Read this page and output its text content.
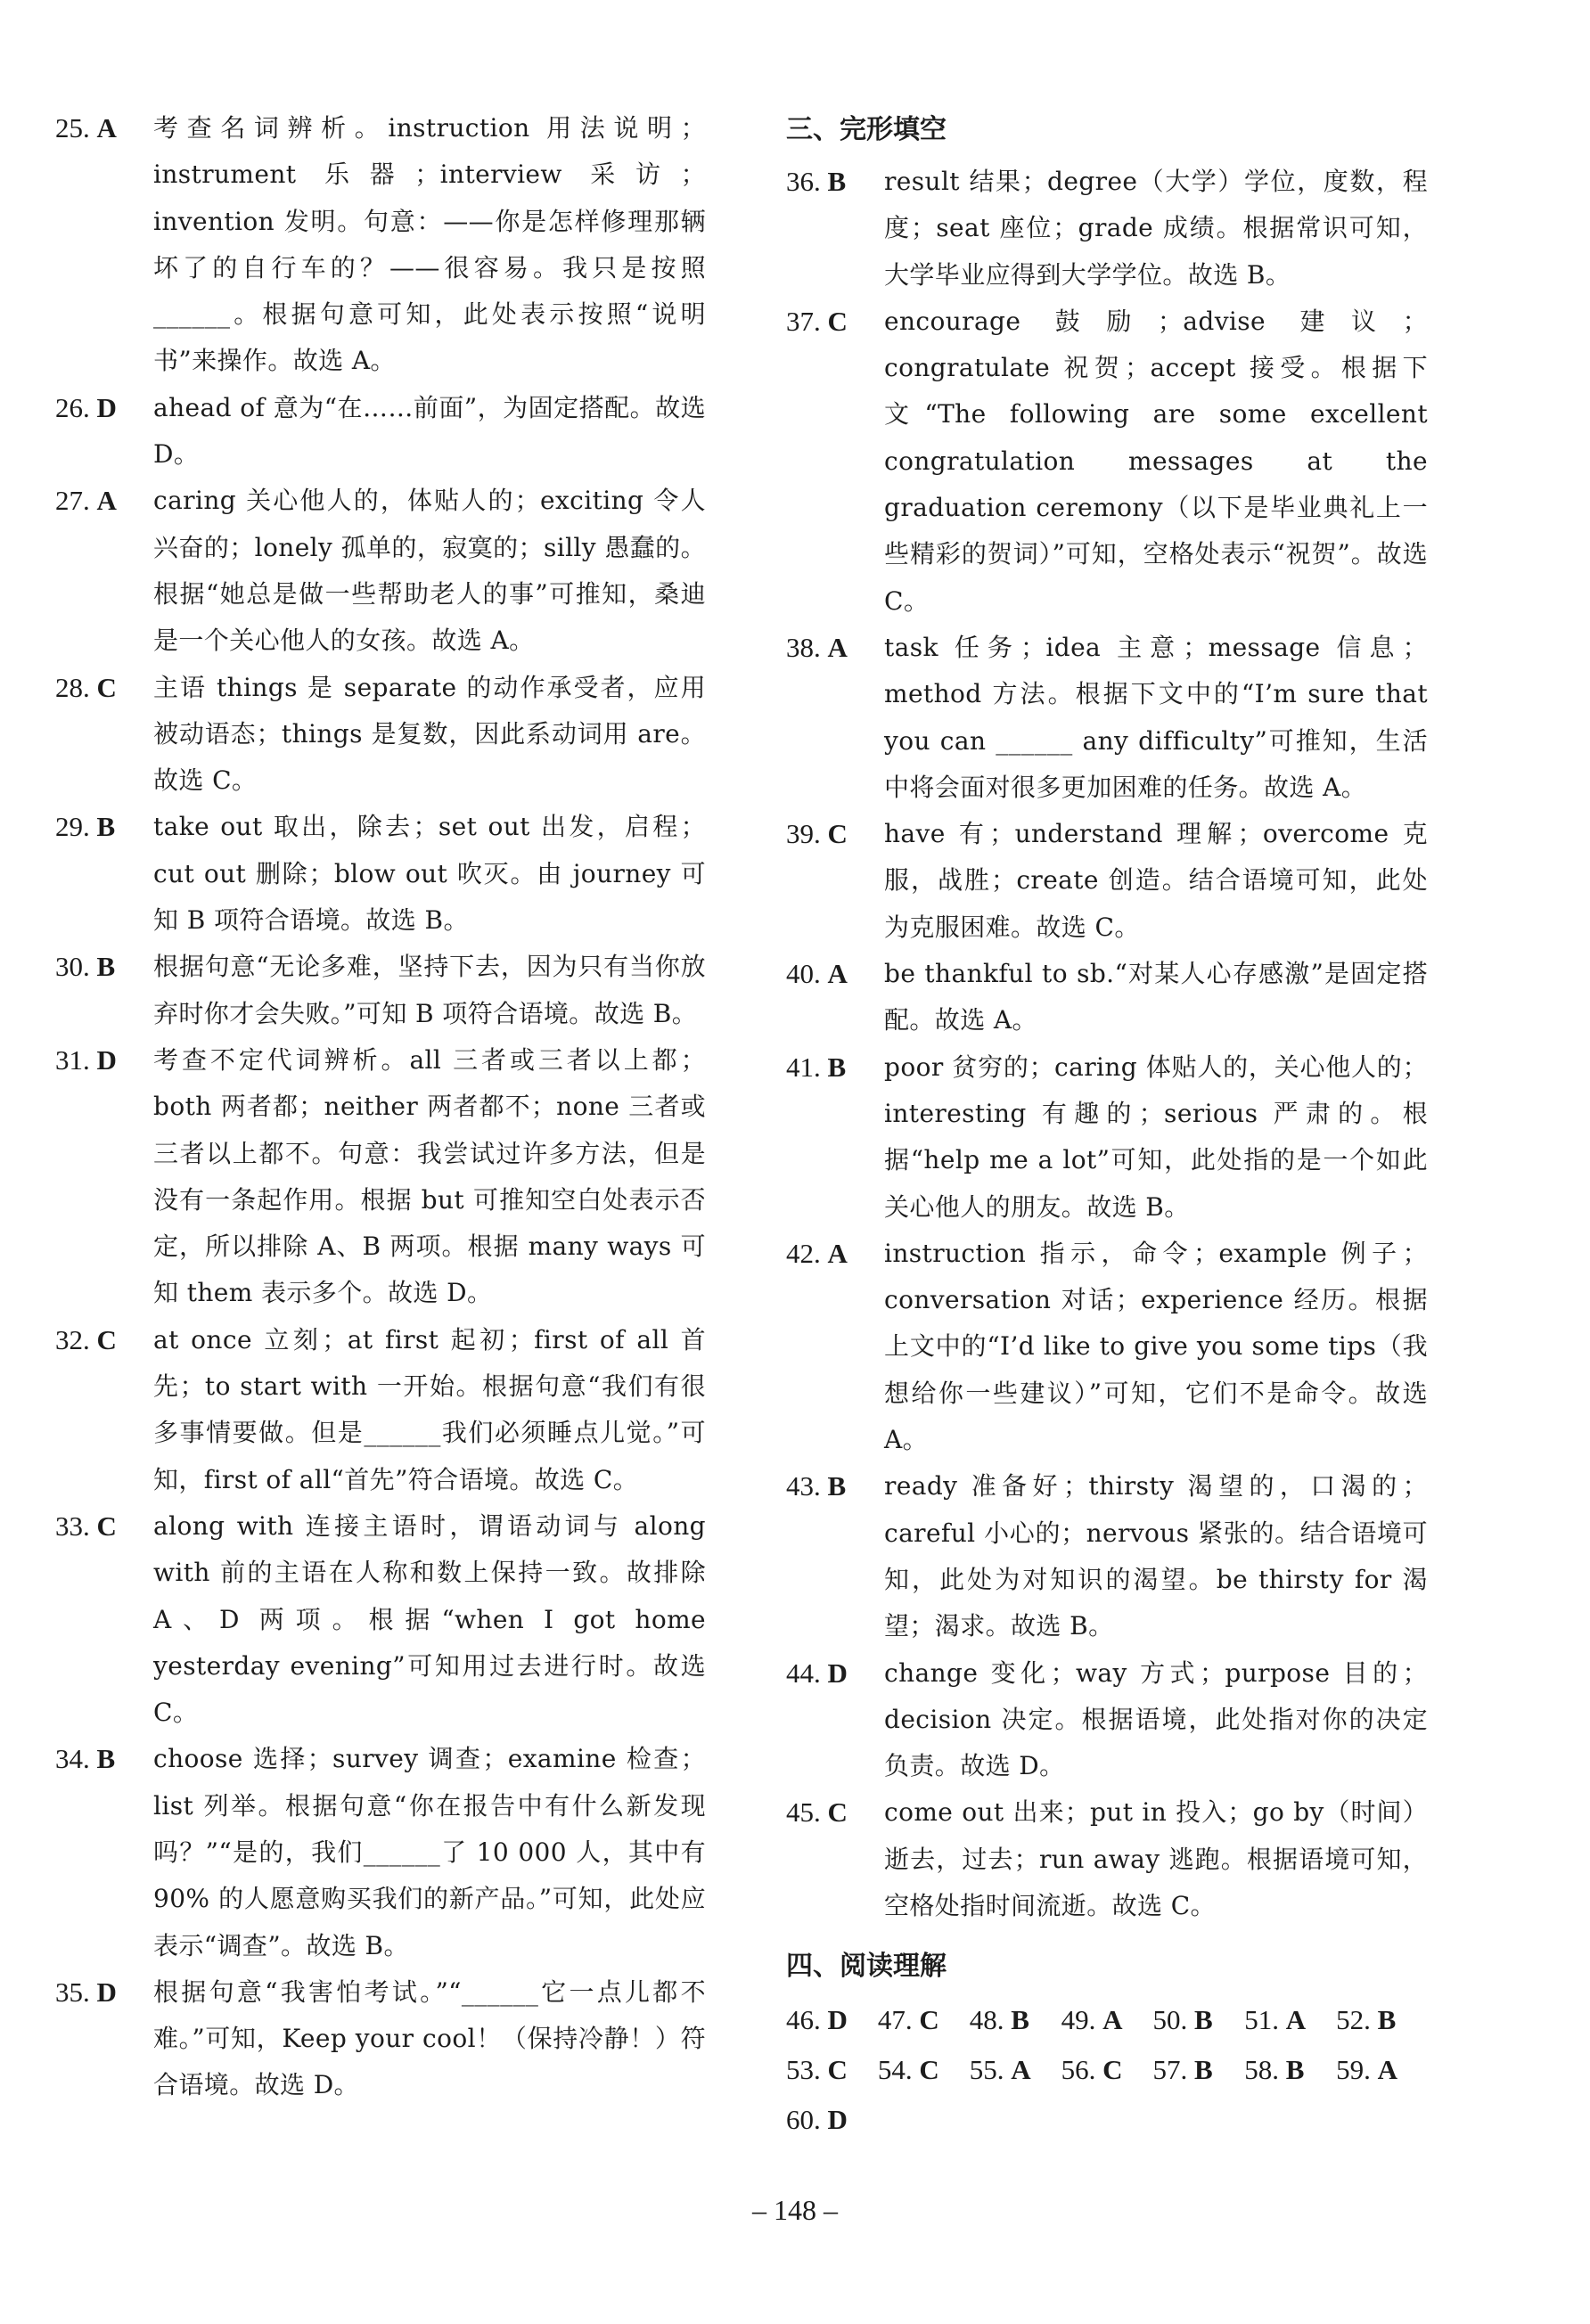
25. A	考查名词辨析。instruction 用法说明；instrument 乐器；interview 采访；invention 发明。句意：——你是怎样修理那辆坏了的自行车的？——很容易。我只是按照______。根据句意可知，此处表示按照“说明书”来操作。故选 A。
26. D	ahead of 意为“在……前面”，为固定搭配。故选 D。
27. A	caring 关心他人的，体贴人的；exciting 令人兴奋的；lonely 孤单的，寂寞的；silly 愚蠢的。根据“她总是做一些帮助老人的事”可推知，桑迪是一个关心他人的女孩。故选 A。
28. C	主语 things 是 separate 的动作承受者，应用被动语态；things 是复数，因此系动词用 are。故选 C。
29. B	take out 取出，除去；set out 出发，启程；cut out 删除；blow out 吹灭。由 journey 可知 B 项符合语境。故选 B。
30. B	根据句意“无论多难，坚持下去，因为只有当你放弃时你才会失败。”可知 B 项符合语境。故选 B。
31. D	考查不定代词辨析。all 三者或三者以上都；both 两者都；neither 两者都不；none 三者或三者以上都不。句意：我尝试过许多方法，但是没有一条起作用。根据 but 可推知空白处表示否定，所以排除 A、B 两项。根据 many ways 可知 them 表示多个。故选 D。
32. C	at once 立刻；at first 起初；first of all 首先；to start with 一开始。根据句意“我们有很多事情要做。但是______我们必须睡点儿觉。”可知，first of all“首先”符合语境。故选 C。
33. C	along with 连接主语时，谓语动词与 along with 前的主语在人称和数上保持一致。故排除 A、D 两项。根据“when I got home yesterday evening”可知用过去进行时。故选 C。
34. B	choose 选择；survey 调查；examine 检查；list 列举。根据句意“你在报告中有什么新发现吗？”“是的，我们______了 10 000 人，其中有 90% 的人愿意购买我们的新产品。”可知，此处应表示“调查”。故选 B。
35. D	根据句意“我害怕考试。”“______它一点儿都不难。”可知，Keep your cool！（保持冷静！）符合语境。故选 D。
三、完形填空
36. B	result 结果；degree（大学）学位，度数，程度；seat 座位；grade 成绩。根据常识可知，大学毕业应得到大学学位。故选 B。
37. C	encourage 鼓励；advise 建议；congratulate 祝贺；accept 接受。根据下文“The following are some excellent congratulation messages at the graduation ceremony（以下是毕业典礼上一些精彩的贺词）”可知，空格处表示“祝贺”。故选 C。
38. A	task 任务；idea 主意；message 信息；method 方法。根据下文中的“I’m sure that you can ______ any difficulty”可推知，生活中将会面对很多更加困难的任务。故选 A。
39. C	have 有；understand 理解；overcome 克服，战胜；create 创造。结合语境可知，此处为克服困难。故选 C。
40. A	be thankful to sb.“对某人心存感激”是固定搭配。故选 A。
41. B	poor 贫穷的；caring 体贴人的，关心他人的；interesting 有趣的；serious 严肃的。根据“help me a lot”可知，此处指的是一个如此关心他人的朋友。故选 B。
42. A	instruction 指示，命令；example 例子；conversation 对话；experience 经历。根据上文中的“I’d like to give you some tips（我想给你一些建议）”可知，它们不是命令。故选 A。
43. B	ready 准备好；thirsty 渴望的，口渴的；careful 小心的；nervous 紧张的。结合语境可知，此处为对知识的渴望。be thirsty for 渴望；渴求。故选 B。
44. D	change 变化；way 方式；purpose 目的；decision 决定。根据语境，此处指对你的决定负责。故选 D。
45. C	come out 出来；put in 投入；go by（时间）逝去，过去；run away 逃跑。根据语境可知，空格处指时间流逝。故选 C。
四、阅读理解
46. D	47. C	48. B	49. A	50. B	51. A	52. B
53. C	54. C	55. A	56. C	57. B	58. B	59. A
60. D
– 148 –
